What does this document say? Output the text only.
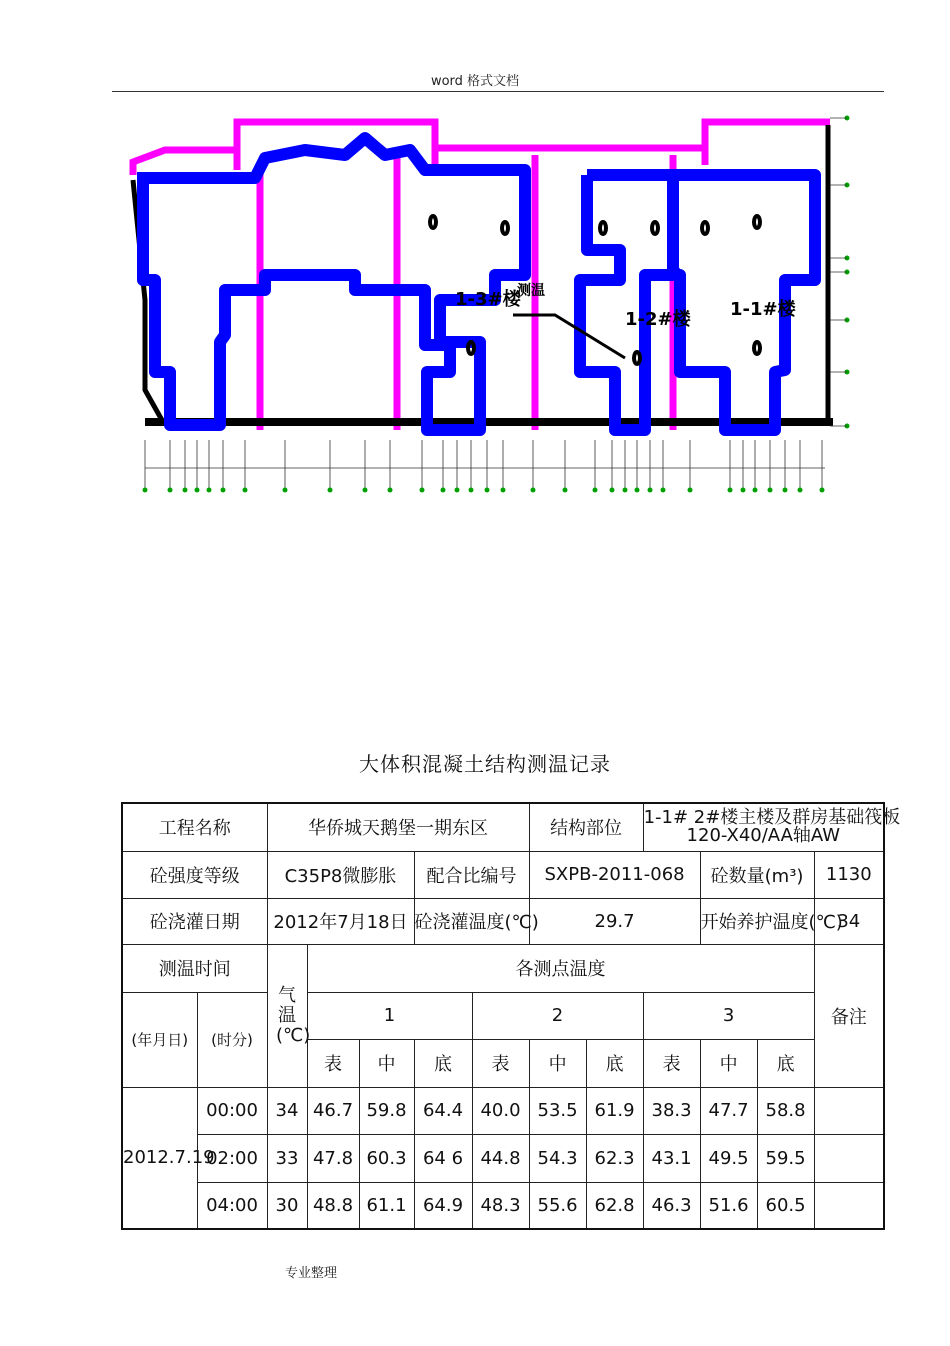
word 格式文档
1-3#楼
1-2#楼 1-1#楼
测温
大体积混凝土结构测温记录
工程名称		华侨城天鹅堡一期东区					结构部位		1-1# 2#楼主楼及群房基础筏板
120-X40/AA轴AW			

砼强度等级		C35P8微膨胀			配合比编号		SXPB-2011-068			砼数量(m³)		1130
砼浇灌日期		2012年7月18日			砼浇灌温度(℃)		29.7			开始养护温度(℃)		34
测温时间		气温(℃)	各测点温度									备注
(年月日)	(时分)		1			2			3			
			表	中	底	表	中	底	表	中	底	
2012.7.19	00:00	34	46.7	59.8	64.4	40.0	53.5	61.9	38.3	47.7	58.8	
	02:00	33	47.8	60.3	64 6	44.8	54.3	62.3	43.1	49.5	59.5	
	04:00	30	48.8	61.1	64.9	48.3	55.6	62.8	46.3	51.6	60.5	
专业整理
